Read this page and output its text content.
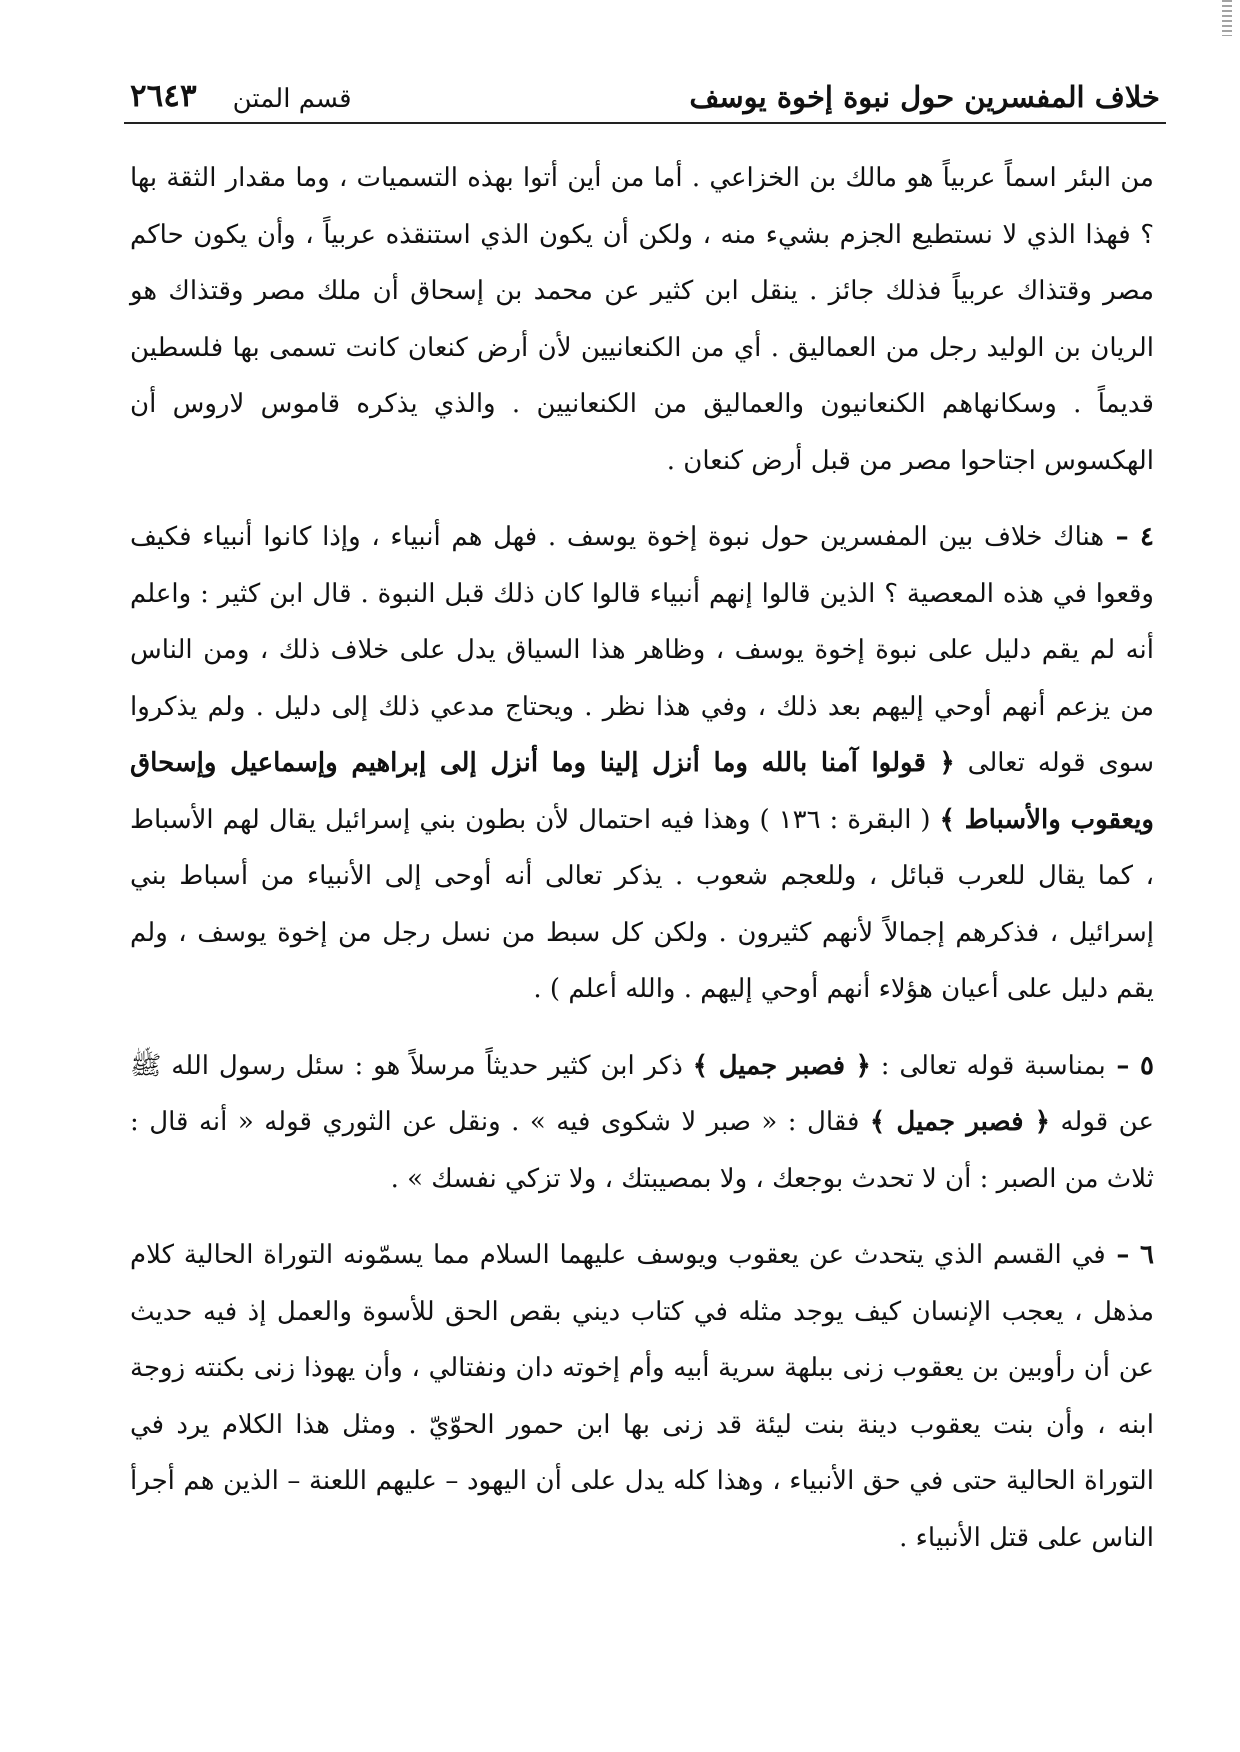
خلاف المفسرين حول نبوة إخوة يوسف
قسم المتن
٢٦٤٣

من البئر اسماً عربياً هو مالك بن الخزاعي . أما من أين أتوا بهذه التسميات ، وما مقدار الثقة بها ؟ فهذا الذي لا نستطيع الجزم بشيء منه ، ولكن أن يكون الذي استنقذه عربياً ، وأن يكون حاكم مصر وقتذاك عربياً فذلك جائز . ينقل ابن كثير عن محمد بن إسحاق أن ملك مصر وقتذاك هو الريان بن الوليد رجل من العماليق . أي من الكنعانيين لأن أرض كنعان كانت تسمى بها فلسطين قديماً . وسكانهاهم الكنعانيون والعماليق من الكنعانيين . والذي يذكره قاموس لاروس أن الهكسوس اجتاحوا مصر من قبل أرض كنعان .

٤ – هناك خلاف بين المفسرين حول نبوة إخوة يوسف . فهل هم أنبياء ، وإذا كانوا أنبياء فكيف وقعوا في هذه المعصية ؟ الذين قالوا إنهم أنبياء قالوا كان ذلك قبل النبوة . قال ابن كثير : واعلم أنه لم يقم دليل على نبوة إخوة يوسف ، وظاهر هذا السياق يدل على خلاف ذلك ، ومن الناس من يزعم أنهم أوحي إليهم بعد ذلك ، وفي هذا نظر . ويحتاج مدعي ذلك إلى دليل . ولم يذكروا سوى قوله تعالى ﴿ قولوا آمنا بالله وما أنزل إلينا وما أنزل إلى إبراهيم وإسماعيل وإسحاق ويعقوب والأسباط ﴾ ( البقرة : ١٣٦ ) وهذا فيه احتمال لأن بطون بني إسرائيل يقال لهم الأسباط ، كما يقال للعرب قبائل ، وللعجم شعوب . يذكر تعالى أنه أوحى إلى الأنبياء من أسباط بني إسرائيل ، فذكرهم إجمالاً لأنهم كثيرون . ولكن كل سبط من نسل رجل من إخوة يوسف ، ولم يقم دليل على أعيان هؤلاء أنهم أوحي إليهم . والله أعلم ) .

٥ – بمناسبة قوله تعالى : ﴿ فصبر جميل ﴾ ذكر ابن كثير حديثاً مرسلاً هو : سئل رسول الله ﷺ عن قوله ﴿ فصبر جميل ﴾ فقال : « صبر لا شكوى فيه » . ونقل عن الثوري قوله « أنه قال : ثلاث من الصبر : أن لا تحدث بوجعك ، ولا بمصيبتك ، ولا تزكي نفسك » .

٦ – في القسم الذي يتحدث عن يعقوب ويوسف عليهما السلام مما يسمّونه التوراة الحالية كلام مذهل ، يعجب الإنسان كيف يوجد مثله في كتاب ديني بقص الحق للأسوة والعمل إذ فيه حديث عن أن رأوبين بن يعقوب زنى ببلهة سرية أبيه وأم إخوته دان ونفتالي ، وأن يهوذا زنى بكنته زوجة ابنه ، وأن بنت يعقوب دينة بنت ليئة قد زنى بها ابن حمور الحوّيّ . ومثل هذا الكلام يرد في التوراة الحالية حتى في حق الأنبياء ، وهذا كله يدل على أن اليهود – عليهم اللعنة – الذين هم أجرأ الناس على قتل الأنبياء .
